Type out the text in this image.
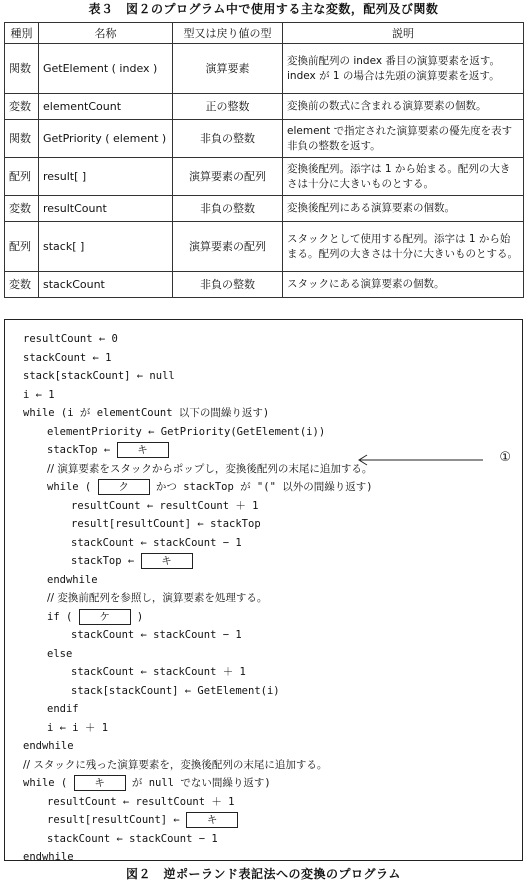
表３　図２のプログラム中で使用する主な変数，配列及び関数
種別	名称	型又は戻り値の型	説明
関数	GetElement ( index )	演算要素	変換前配列の index 番目の演算要素を返す。index が 1 の場合は先頭の演算要素を返す。
変数	elementCount	正の整数	変換前の数式に含まれる演算要素の個数。
関数	GetPriority ( element )	非負の整数	element で指定された演算要素の優先度を表す非負の整数を返す。
配列	result[ ]	演算要素の配列	変換後配列。添字は 1 から始まる。配列の大きさは十分に大きいものとする。
変数	resultCount	非負の整数	変換後配列にある演算要素の個数。
配列	stack[ ]	演算要素の配列	スタックとして使用する配列。添字は 1 から始まる。配列の大きさは十分に大きいものとする。
変数	stackCount	非負の整数	スタックにある演算要素の個数。
resultCount ← 0
stackCount ← 1
stack[stackCount] ← null
i ← 1
while (i が elementCount 以下の間繰り返す)
elementPriority ← GetPriority(GetElement(i))
stackTop ← キ
// 演算要素をスタックからポップし，変換後配列の末尾に追加する。
while ( ク かつ stackTop が "(" 以外の間繰り返す)
resultCount ← resultCount ＋ 1
result[resultCount] ← stackTop
stackCount ← stackCount − 1
stackTop ← キ
endwhile
// 変換前配列を参照し，演算要素を処理する。
if ( ケ )
stackCount ← stackCount − 1
else
stackCount ← stackCount ＋ 1
stack[stackCount] ← GetElement(i)
endif
i ← i ＋ 1
endwhile
// スタックに残った演算要素を，変換後配列の末尾に追加する。
while ( キ が null でない間繰り返す)
resultCount ← resultCount ＋ 1
result[resultCount] ← キ
stackCount ← stackCount − 1
endwhile
①
図２　逆ポーランド表記法への変換のプログラム
